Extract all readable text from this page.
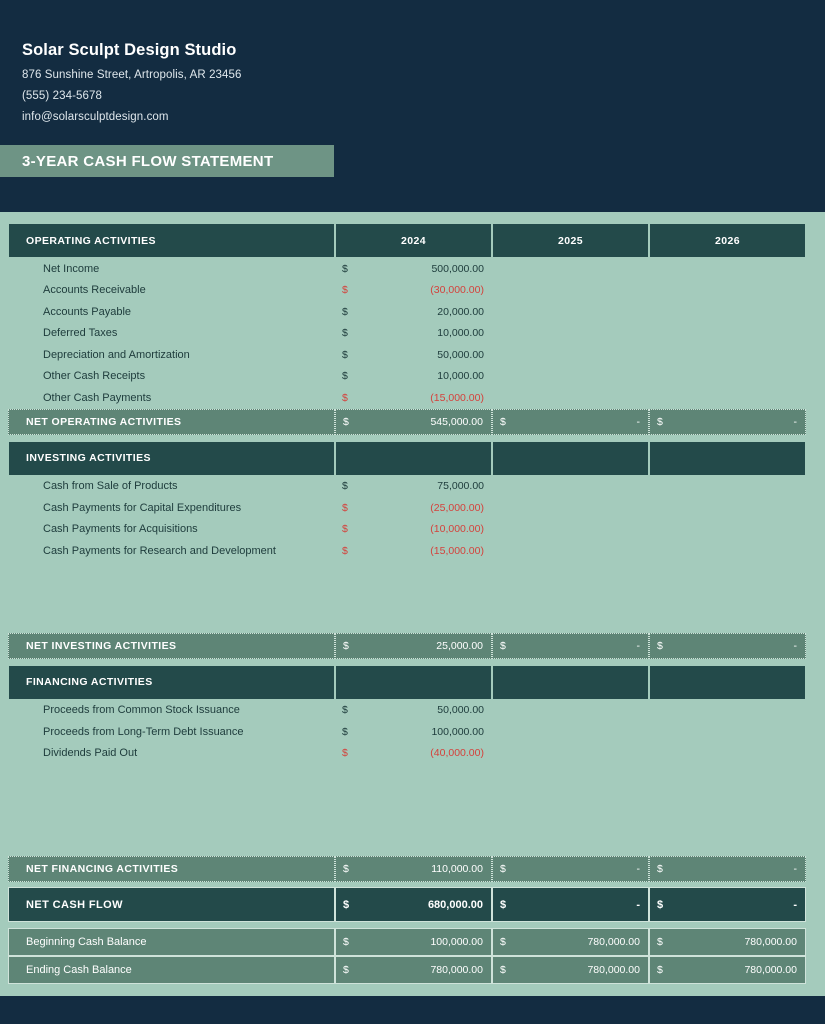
Solar Sculpt Design Studio
876 Sunshine Street, Artropolis, AR 23456
(555) 234-5678
info@solarsculptdesign.com
3-YEAR CASH FLOW STATEMENT
OPERATING ACTIVITIES	2024	2025	2026
Net Income	$	500,000.00
Accounts Receivable	$	(30,000.00)
Accounts Payable	$	20,000.00
Deferred Taxes	$	10,000.00
Depreciation and Amortization	$	50,000.00
Other Cash Receipts	$	10,000.00
Other Cash Payments	$	(15,000.00)
NET OPERATING ACTIVITIES	$	545,000.00 $	- $	-
INVESTING ACTIVITIES
Cash from Sale of Products	$	75,000.00
Cash Payments for Capital Expenditures	$	(25,000.00)
Cash Payments for Acquisitions	$	(10,000.00)
Cash Payments for Research and Development	$	(15,000.00)
NET INVESTING ACTIVITIES	$	25,000.00 $	- $	-
FINANCING ACTIVITIES
Proceeds from Common Stock Issuance	$	50,000.00
Proceeds from Long-Term Debt Issuance	$	100,000.00
Dividends Paid Out	$	(40,000.00)
NET FINANCING ACTIVITIES	$	110,000.00 $	- $	-
NET CASH FLOW	$	680,000.00 $	- $	-
Beginning Cash Balance	$	100,000.00 $	780,000.00 $	780,000.00
Ending Cash Balance	$	780,000.00 $	780,000.00 $	780,000.00
